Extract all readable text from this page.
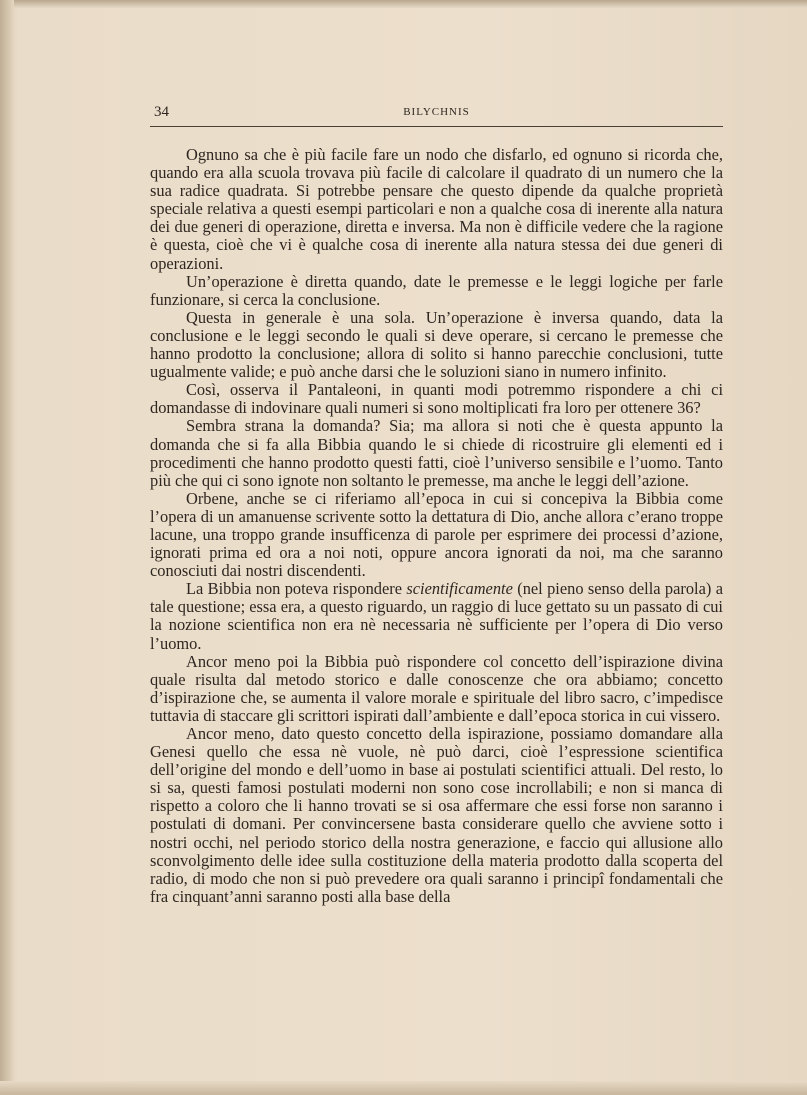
34	BILYCHNIS

Ognuno sa che è più facile fare un nodo che disfarlo, ed ognuno si ricorda che, quando era alla scuola trovava più facile di calcolare il quadrato di un numero che la sua radice quadrata. Si potrebbe pensare che questo dipende da qualche proprietà speciale relativa a questi esempi particolari e non a qualche cosa di inerente alla natura dei due generi di operazione, diretta e inversa. Ma non è difficile vedere che la ragione è questa, cioè che vi è qualche cosa di inerente alla natura stessa dei due generi di operazioni.

Un’operazione è diretta quando, date le premesse e le leggi logiche per farle funzionare, si cerca la conclusione.

Questa in generale è una sola. Un’operazione è inversa quando, data la conclusione e le leggi secondo le quali si deve operare, si cercano le premesse che hanno prodotto la conclusione; allora di solito si hanno parecchie conclusioni, tutte ugualmente valide; e può anche darsi che le soluzioni siano in numero infinito.

Così, osserva il Pantaleoni, in quanti modi potremmo rispondere a chi ci domandasse di indovinare quali numeri si sono moltiplicati fra loro per ottenere 36?

Sembra strana la domanda? Sia; ma allora si noti che è questa appunto la domanda che si fa alla Bibbia quando le si chiede di ricostruire gli elementi ed i procedimenti che hanno prodotto questi fatti, cioè l’universo sensibile e l’uomo. Tanto più che qui ci sono ignote non soltanto le premesse, ma anche le leggi dell’azione.

Orbene, anche se ci riferiamo all’epoca in cui si concepiva la Bibbia come l’opera di un amanuense scrivente sotto la dettatura di Dio, anche allora c’erano troppe lacune, una troppo grande insufficenza di parole per esprimere dei processi d’azione, ignorati prima ed ora a noi noti, oppure ancora ignorati da noi, ma che saranno conosciuti dai nostri discendenti.

La Bibbia non poteva rispondere scientificamente (nel pieno senso della parola) a tale questione; essa era, a questo riguardo, un raggio di luce gettato su un passato di cui la nozione scientifica non era nè necessaria nè sufficiente per l’opera di Dio verso l’uomo.

Ancor meno poi la Bibbia può rispondere col concetto dell’ispirazione divina quale risulta dal metodo storico e dalle conoscenze che ora abbiamo; concetto d’ispirazione che, se aumenta il valore morale e spirituale del libro sacro, c’impedisce tuttavia di staccare gli scrittori ispirati dall’ambiente e dall’epoca storica in cui vissero.

Ancor meno, dato questo concetto della ispirazione, possiamo domandare alla Genesi quello che essa nè vuole, nè può darci, cioè l’espressione scientifica dell’origine del mondo e dell’uomo in base ai postulati scientifici attuali. Del resto, lo si sa, questi famosi postulati moderni non sono cose incrollabili; e non si manca di rispetto a coloro che li hanno trovati se si osa affermare che essi forse non saranno i postulati di domani. Per convincersene basta considerare quello che avviene sotto i nostri occhi, nel periodo storico della nostra generazione, e faccio qui allusione allo sconvolgimento delle idee sulla costituzione della materia prodotto dalla scoperta del radio, di modo che non si può prevedere ora quali saranno i principî fondamentali che fra cinquant’anni saranno posti alla base della
